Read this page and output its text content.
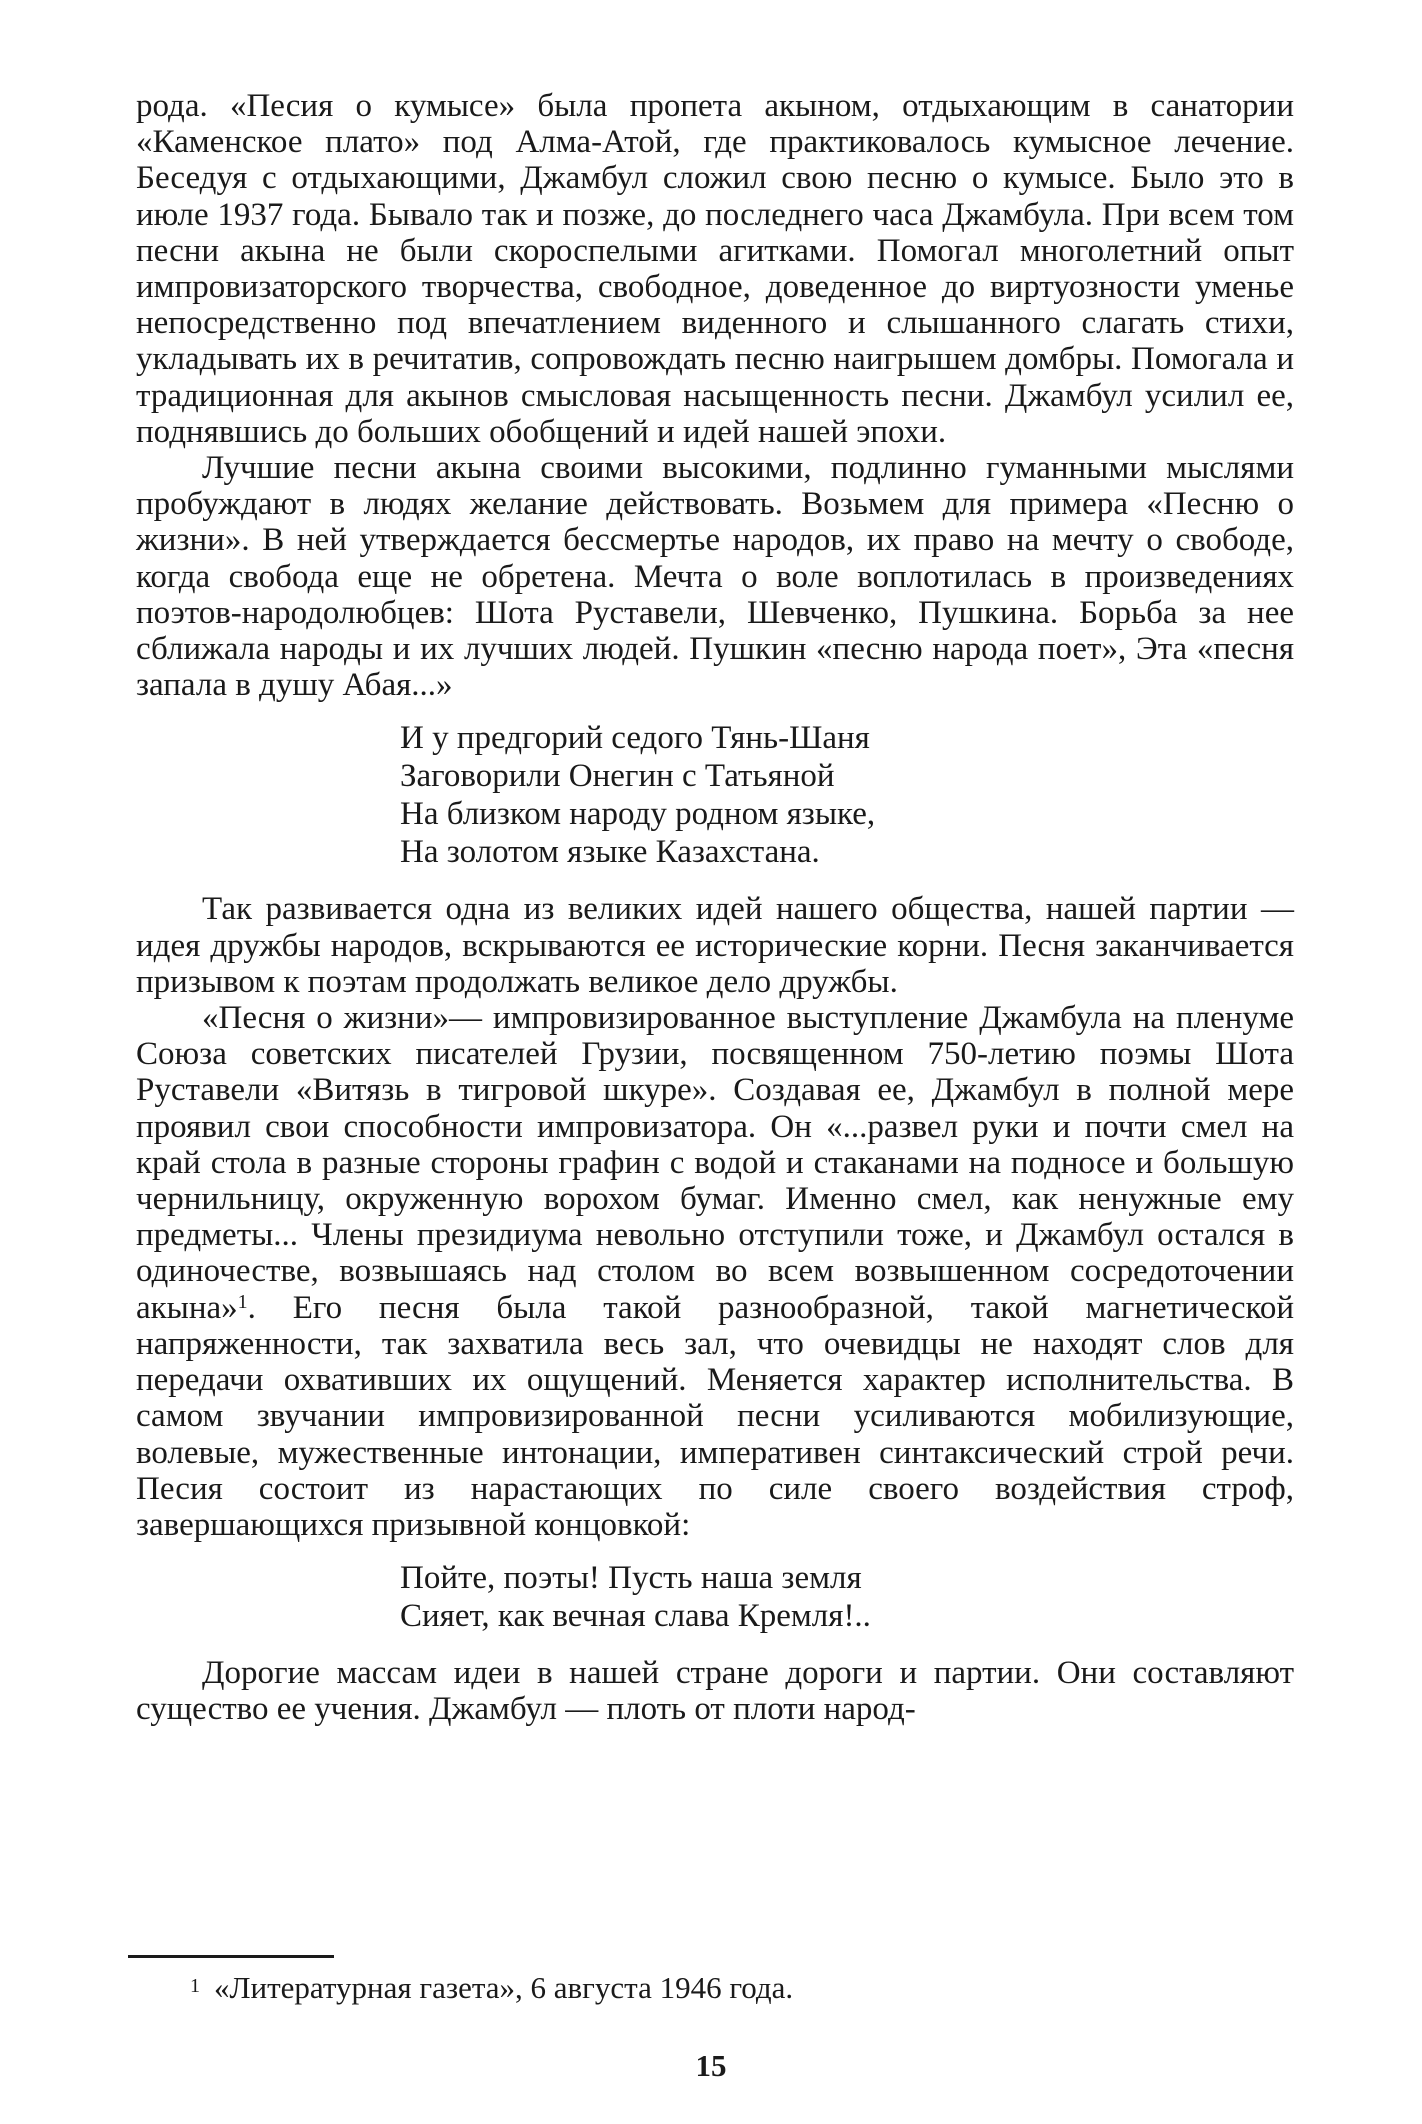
рода. «Песия о кумысе» была пропета акыном, отдыхающим в санатории «Каменское плато» под Алма-Атой, где практиковалось кумысное лечение. Беседуя с отдыхающими, Джамбул сложил свою песню о кумысе. Было это в июле 1937 года. Бывало так и позже, до последнего часа Джамбула. При всем том песни акына не были скороспелыми агитками. Помогал многолетний опыт импровизаторского творчества, свободное, доведенное до виртуозности уменье непосредственно под впечатлением виденного и слышанного слагать стихи, укладывать их в речитатив, сопровождать песню наигрышем домбры. Помогала и традиционная для акынов смысловая насыщенность песни. Джамбул усилил ее, поднявшись до больших обобщений и идей нашей эпохи.

Лучшие песни акына своими высокими, подлинно гуманными мыслями пробуждают в людях желание действовать. Возьмем для примера «Песню о жизни». В ней утверждается бессмертье народов, их право на мечту о свободе, когда свобода еще не обретена. Мечта о воле воплотилась в произведениях поэтов-народолюбцев: Шота Руставели, Шевченко, Пушкина. Борьба за нее сближала народы и их лучших людей. Пушкин «песню народа поет», Эта «песня запала в душу Абая...»

И у предгорий седого Тянь-Шаня
Заговорили Онегин с Татьяной
На близком народу родном языке,
На золотом языке Казахстана.

Так развивается одна из великих идей нашего общества, нашей партии — идея дружбы народов, вскрываются ее исторические корни. Песня заканчивается призывом к поэтам продолжать великое дело дружбы.

«Песня о жизни»— импровизированное выступление Джамбула на пленуме Союза советских писателей Грузии, посвященном 750-летию поэмы Шота Руставели «Витязь в тигровой шкуре». Создавая ее, Джамбул в полной мере проявил свои способности импровизатора. Он «...развел руки и почти смел на край стола в разные стороны графин с водой и стаканами на подносе и большую чернильницу, окруженную ворохом бумаг. Именно смел, как ненужные ему предметы... Члены президиума невольно отступили тоже, и Джамбул остался в одиночестве, возвышаясь над столом во всем возвышенном сосредоточении акына»$^1$. Его песня была такой разнообразной, такой магнетической напряженности, так захватила весь зал, что очевидцы не находят слов для передачи охвативших их ощущений. Меняется характер исполнительства. В самом звучании импровизированной песни усиливаются мобилизующие, волевые, мужественные интонации, императивен синтаксический строй речи. Песия состоит из нарастающих по силе своего воздействия строф, завершающихся призывной концовкой:

Пойте, поэты! Пусть наша земля
Сияет, как вечная слава Кремля!..

Дорогие массам идеи в нашей стране дороги и партии. Они составляют существо ее учения. Джамбул — плоть от плоти народ-

$^1$ «Литературная газета», 6 августа 1946 года.
15
